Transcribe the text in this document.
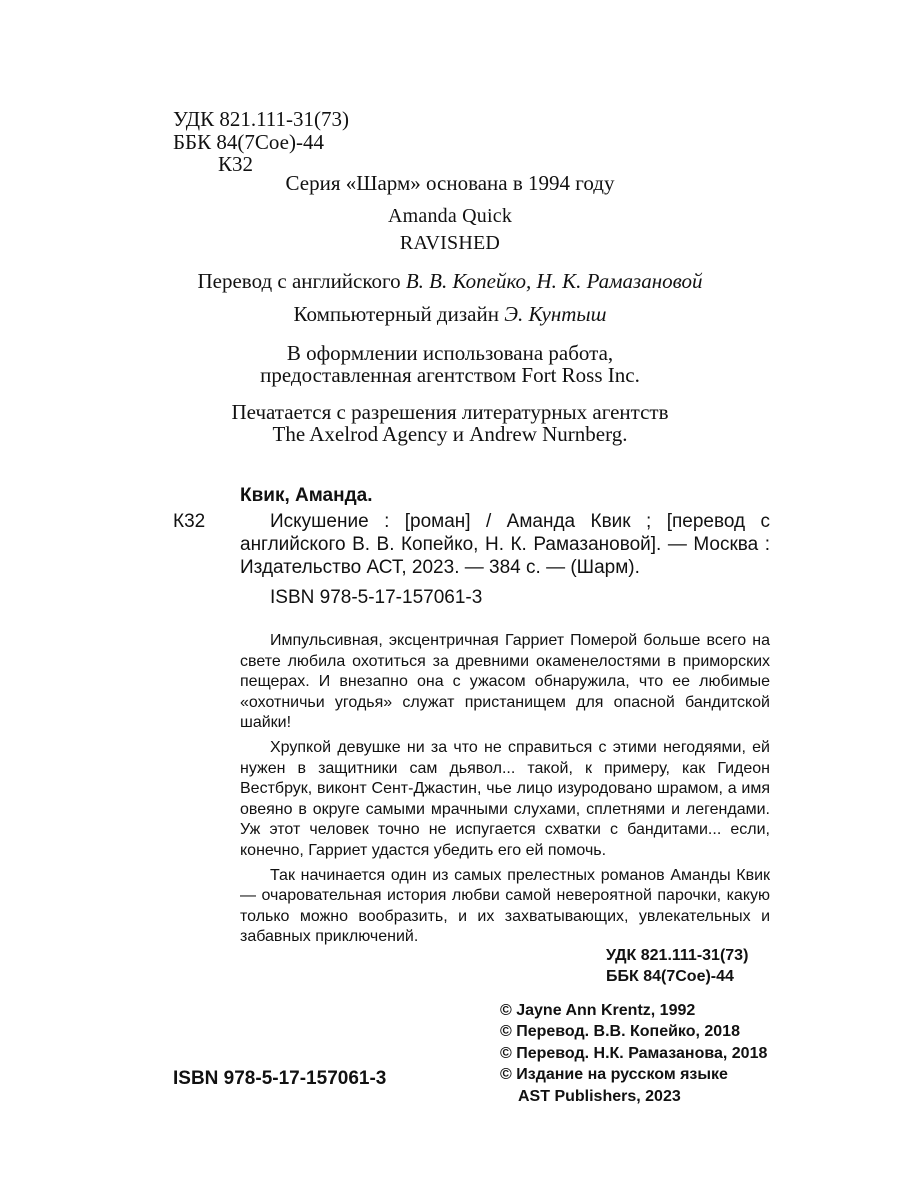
УДК 821.111-31(73)
ББК 84(7Сое)-44
К32
Серия «Шарм» основана в 1994 году
Amanda Quick
RAVISHED
Перевод с английского В. В. Копейко, Н. К. Рамазановой
Компьютерный дизайн Э. Кунтыш
В оформлении использована работа,
предоставленная агентством Fort Ross Inc.
Печатается с разрешения литературных агентств
The Axelrod Agency и Andrew Nurnberg.
Квик, Аманда.
К32	Искушение : [роман] / Аманда Квик ; [перевод с английского В. В. Копейко, Н. К. Рамазановой]. — Москва : Издательство АСТ, 2023. — 384 с. — (Шарм).

ISBN 978-5-17-157061-3

Импульсивная, эксцентричная Гарриет Померой больше всего на свете любила охотиться за древними окаменелостями в приморских пещерах. И внезапно она с ужасом обнаружила, что ее любимые «охотничьи угодья» служат пристанищем для опасной бандитской шайки!

Хрупкой девушке ни за что не справиться с этими негодяями, ей нужен в защитники сам дьявол... такой, к примеру, как Гидеон Вестбрук, виконт Сент-Джастин, чье лицо изуродовано шрамом, а имя овеяно в округе самыми мрачными слухами, сплетнями и легендами. Уж этот человек точно не испугается схватки с бандитами... если, конечно, Гарриет удастся убедить его ей помочь.

Так начинается один из самых прелестных романов Аманды Квик — очаровательная история любви самой невероятной парочки, какую только можно вообразить, и их захватывающих, увлекательных и забавных приключений.

УДК 821.111-31(73)
ББК 84(7Сое)-44
© Jayne Ann Krentz, 1992
© Перевод. В.В. Копейко, 2018
© Перевод. Н.К. Рамазанова, 2018
© Издание на русском языке
AST Publishers, 2023
ISBN 978-5-17-157061-3
